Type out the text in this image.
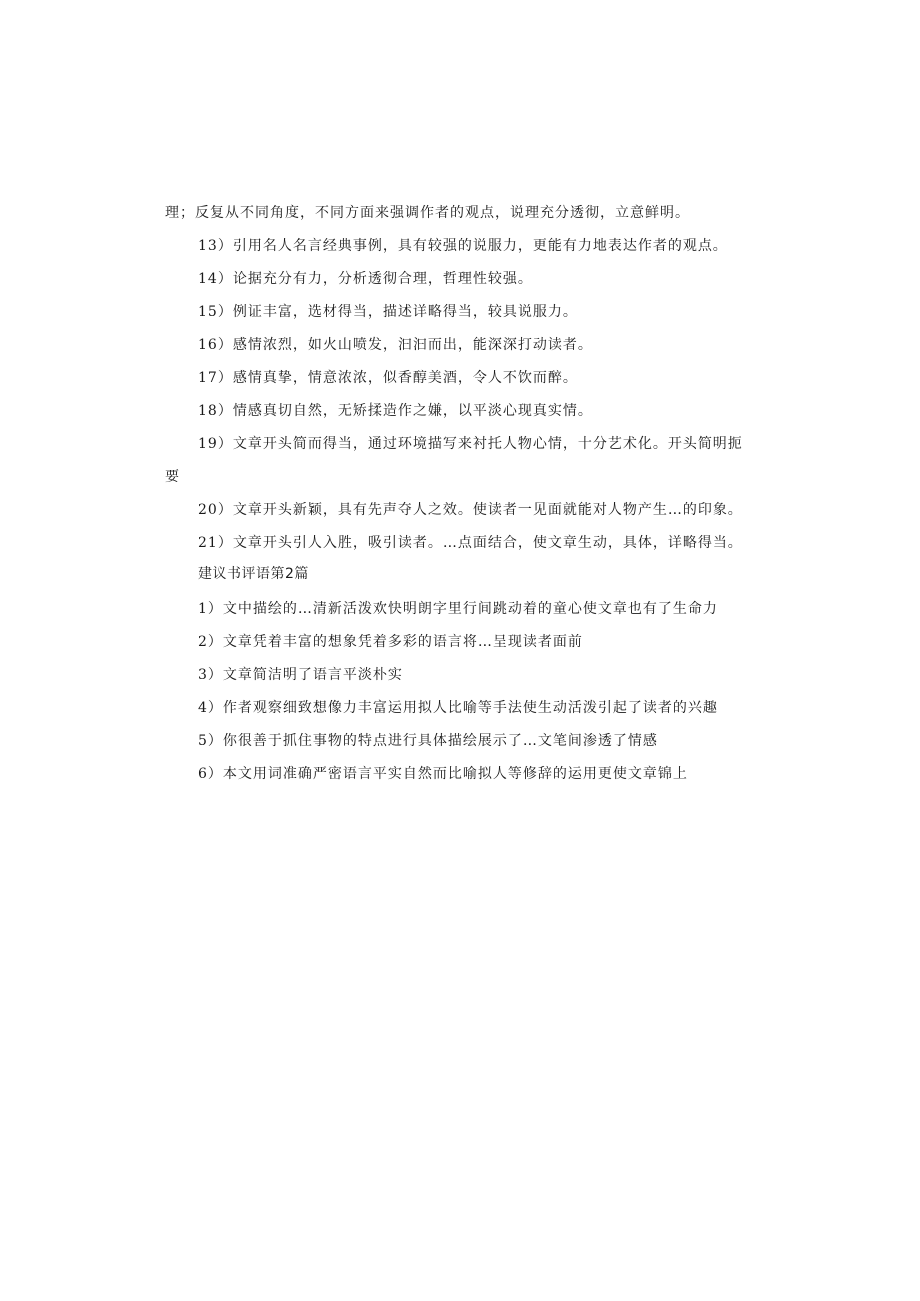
理；反复从不同角度，不同方面来强调作者的观点，说理充分透彻，立意鲜明。
13）引用名人名言经典事例，具有较强的说服力，更能有力地表达作者的观点。
14）论据充分有力，分析透彻合理，哲理性较强。
15）例证丰富，选材得当，描述详略得当，较具说服力。
16）感情浓烈，如火山喷发，汩汩而出，能深深打动读者。
17）感情真挚，情意浓浓，似香醇美酒，令人不饮而醉。
18）情感真切自然，无矫揉造作之嫌，以平淡心现真实情。
19）文章开头简而得当，通过环境描写来衬托人物心情，十分艺术化。开头简明扼
要
20）文章开头新颖，具有先声夺人之效。使读者一见面就能对人物产生…的印象。
21）文章开头引人入胜，吸引读者。…点面结合，使文章生动，具体，详略得当。
建议书评语第2篇
1）文中描绘的…清新活泼欢快明朗字里行间跳动着的童心使文章也有了生命力
2）文章凭着丰富的想象凭着多彩的语言将…呈现读者面前
3）文章简洁明了语言平淡朴实
4）作者观察细致想像力丰富运用拟人比喻等手法使生动活泼引起了读者的兴趣
5）你很善于抓住事物的特点进行具体描绘展示了…文笔间渗透了情感
6）本文用词准确严密语言平实自然而比喻拟人等修辞的运用更使文章锦上
